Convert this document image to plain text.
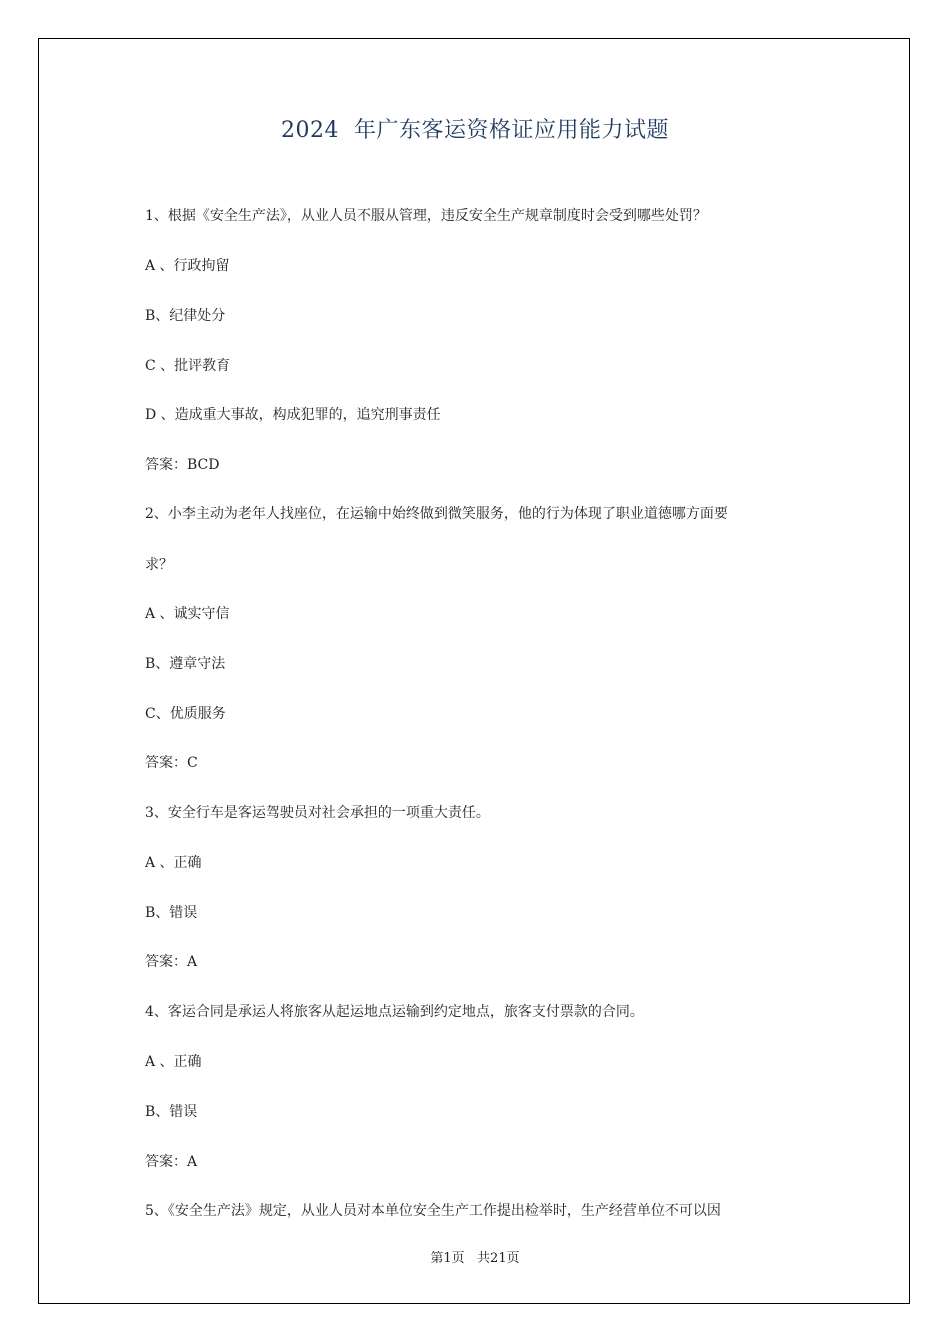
2024  年广东客运资格证应用能力试题
1、根据《安全生产法》，从业人员不服从管理，违反安全生产规章制度时会受到哪些处罚？
A 、行政拘留
B、纪律处分
C 、批评教育
D 、造成重大事故，构成犯罪的，追究刑事责任
答案：BCD
2、小李主动为老年人找座位，在运输中始终做到微笑服务，他的行为体现了职业道德哪方面要
求？
A 、诚实守信
B、遵章守法
C、优质服务
答案：C
3、安全行车是客运驾驶员对社会承担的一项重大责任。
A 、正确
B、错误
答案：A
4、客运合同是承运人将旅客从起运地点运输到约定地点，旅客支付票款的合同。
A 、正确
B、错误
答案：A
5、《安全生产法》规定，从业人员对本单位安全生产工作提出检举时，生产经营单位不可以因
第1页   共21页
